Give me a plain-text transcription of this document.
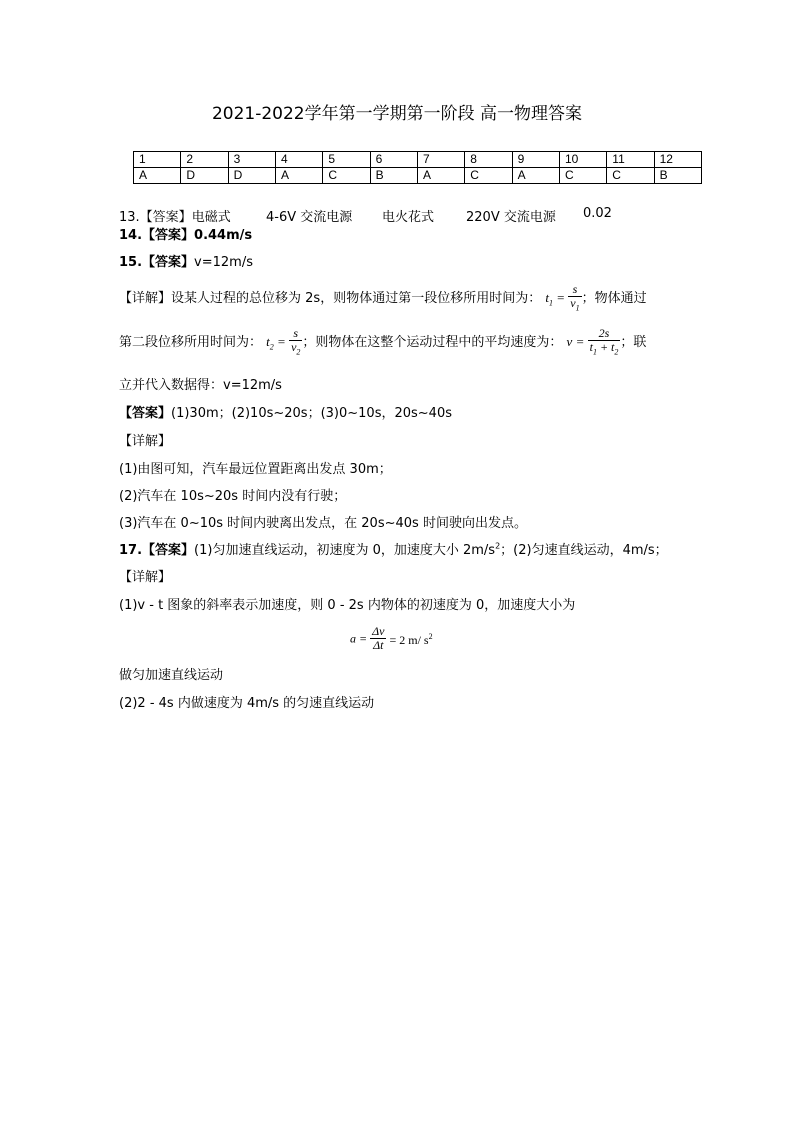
2021-2022学年第一学期第一阶段 高一物理答案
1	2	3	4	5	6	7	8	9	10	11	12
A	D	D	A	C	B	A	C	A	C	C	B
13.【答案】电磁式	4-6V 交流电源 电火花式 220V 交流电源 0.02
14.【答案】0.44m/s
15.【答案】v=12m/s
【详解】设某人过程的总位移为 2s，则物体通过第一段位移所用时间为： $t_1 = \frac{s}{v_1}$ ；物体通过
第二段位移所用时间为： $t_2 = \frac{s}{v_2}$ ；则物体在这整个运动过程中的平均速度为： $v = \frac{2s}{t_1 + t_2}$ ；联
立并代入数据得：v=12m/s
【答案】(1)30m；(2)10s~20s；(3)0~10s，20s~40s
【详解】
(1)由图可知，汽车最远位置距离出发点 30m；
(2)汽车在 10s~20s 时间内没有行驶；
(3)汽车在 0~10s 时间内驶离出发点，在 20s~40s 时间驶向出发点。
17.【答案】(1)匀加速直线运动，初速度为 0，加速度大小 $2m/s^2$；(2)匀速直线运动，4m/s；
【详解】
(1)v - t 图象的斜率表示加速度，则 0 - 2s 内物体的初速度为 0，加速度大小为
$a = \frac{\Delta v}{\Delta t} = 2$ m/ $s^2$
做匀加速直线运动
(2)2 - 4s 内做速度为 4m/s 的匀速直线运动
